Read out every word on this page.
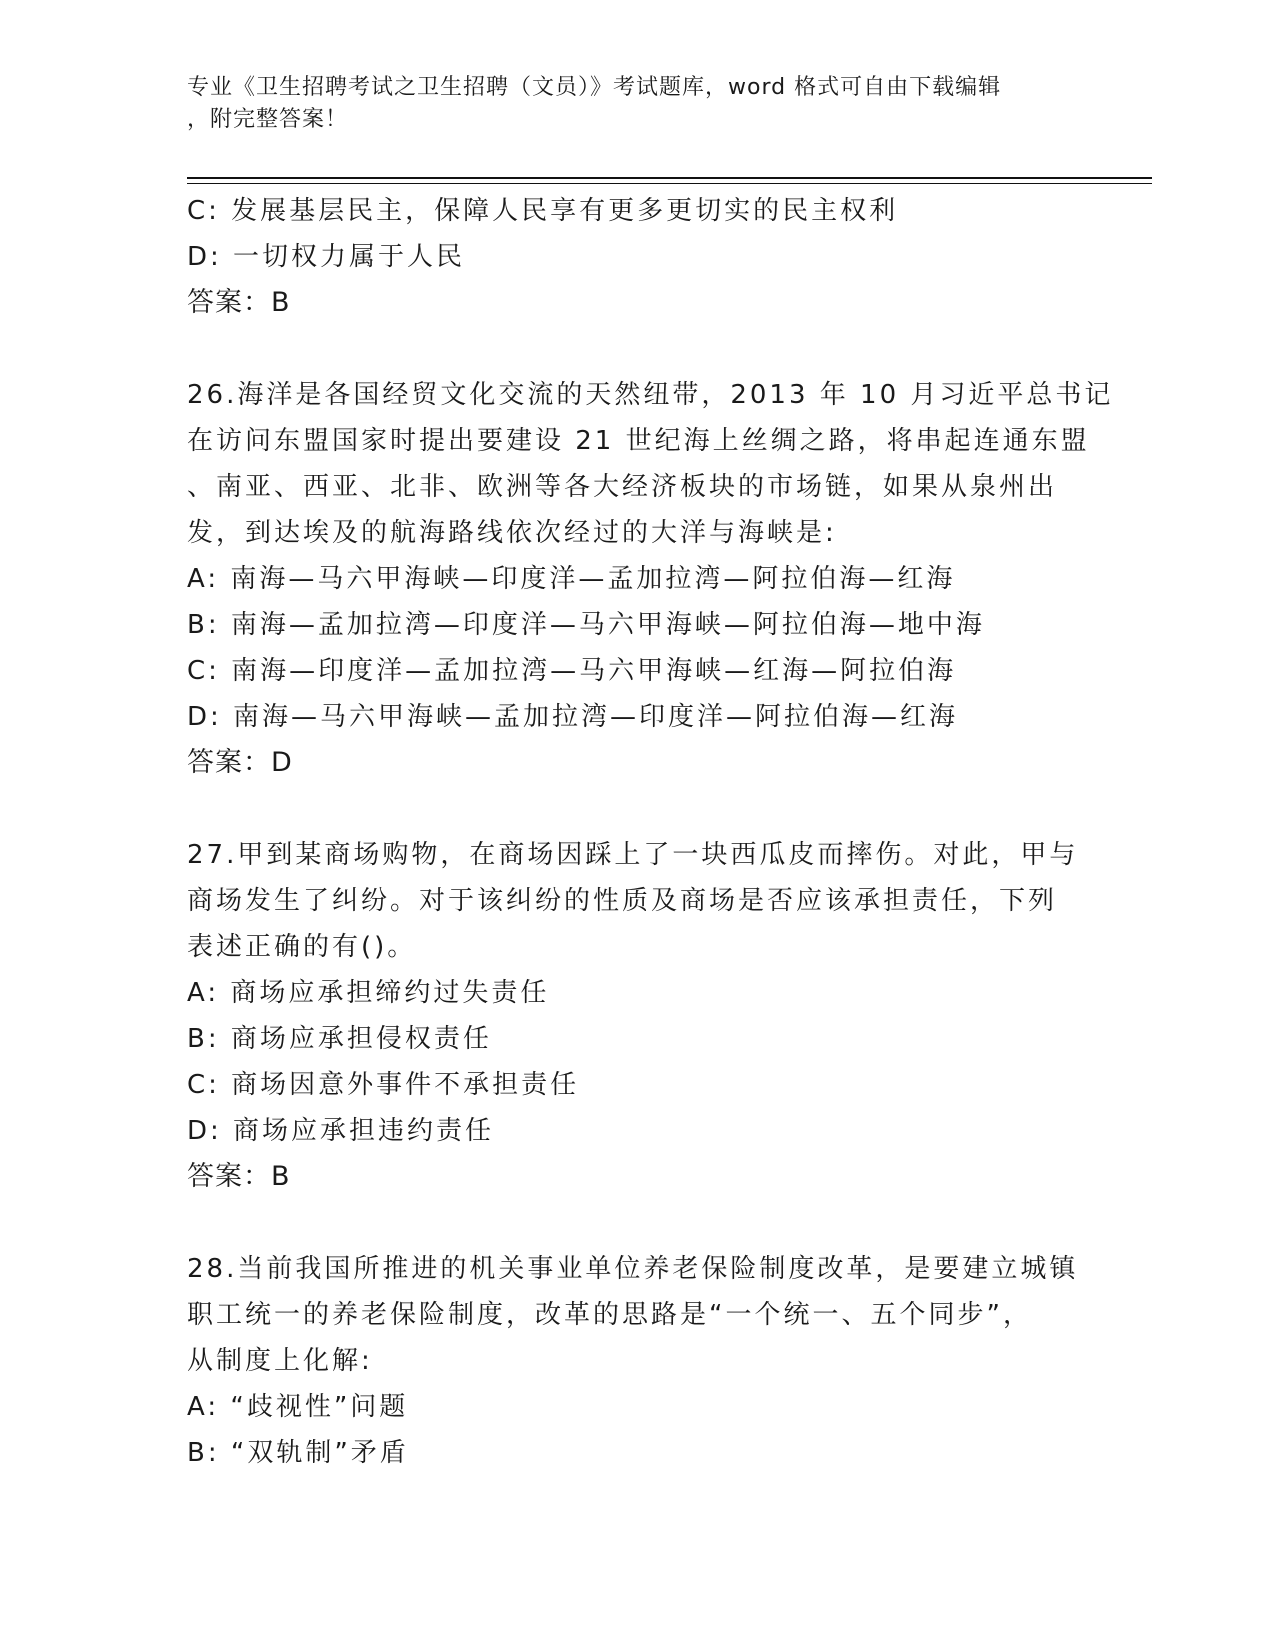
专业《卫生招聘考试之卫生招聘（文员）》考试题库，word 格式可自由下载编辑
，附完整答案！
C: 发展基层民主，保障人民享有更多更切实的民主权利
D: 一切权力属于人民
答案：B
26.海洋是各国经贸文化交流的天然纽带，2013 年 10 月习近平总书记
在访问东盟国家时提出要建设 21 世纪海上丝绸之路，将串起连通东盟
、南亚、西亚、北非、欧洲等各大经济板块的市场链，如果从泉州出
发，到达埃及的航海路线依次经过的大洋与海峡是:
A: 南海—马六甲海峡—印度洋—孟加拉湾—阿拉伯海—红海
B: 南海—孟加拉湾—印度洋—马六甲海峡—阿拉伯海—地中海
C: 南海—印度洋—孟加拉湾—马六甲海峡—红海—阿拉伯海
D: 南海—马六甲海峡—孟加拉湾—印度洋—阿拉伯海—红海
答案：D
27.甲到某商场购物，在商场因踩上了一块西瓜皮而摔伤。对此，甲与
商场发生了纠纷。对于该纠纷的性质及商场是否应该承担责任，下列
表述正确的有()。
A: 商场应承担缔约过失责任
B: 商场应承担侵权责任
C: 商场因意外事件不承担责任
D: 商场应承担违约责任
答案：B
28.当前我国所推进的机关事业单位养老保险制度改革，是要建立城镇
职工统一的养老保险制度，改革的思路是“一个统一、五个同步”，
从制度上化解:
A: “歧视性”问题
B: “双轨制”矛盾
